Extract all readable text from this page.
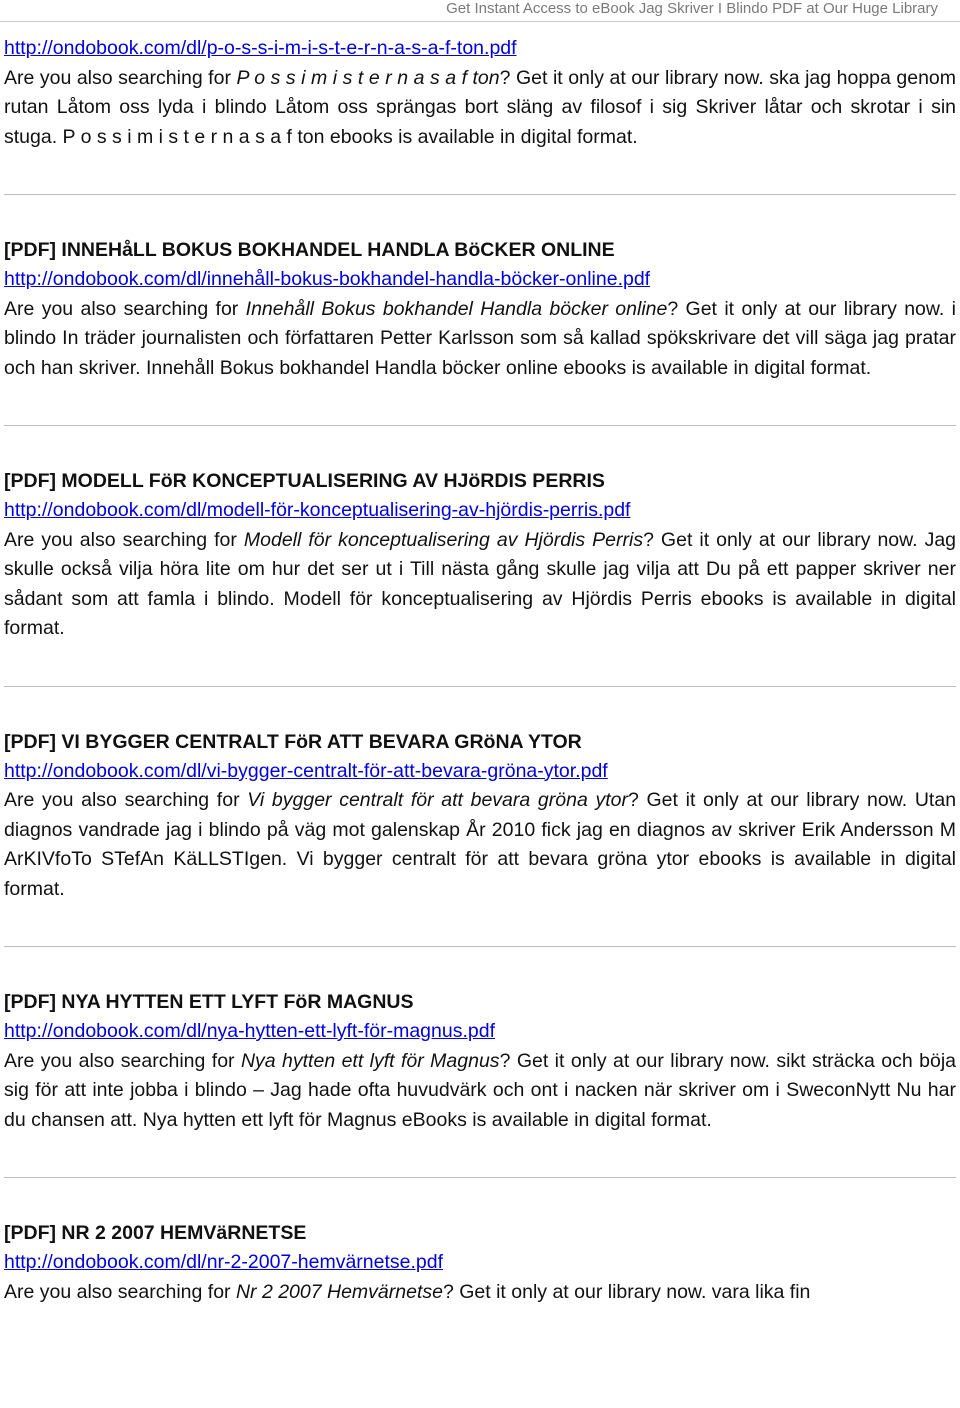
Get Instant Access to eBook Jag Skriver I Blindo PDF at Our Huge Library
http://ondobook.com/dl/p-o-s-s-i-m-i-s-t-e-r-n-a-s-a-f-ton.pdf

Are you also searching for P o s s i m i s t e r n a s a f ton? Get it only at our library now. ska jag hoppa genom rutan Låtom oss lyda i blindo Låtom oss sprängas bort släng av filosof i sig Skriver låtar och skrotar i sin stuga. P o s s i m i s t e r n a s a f ton ebooks is available in digital format.

[PDF] INNEHåLL BOKUS BOKHANDEL HANDLA BöCKER ONLINE
http://ondobook.com/dl/innehåll-bokus-bokhandel-handla-böcker-online.pdf

Are you also searching for Innehåll Bokus bokhandel Handla böcker online? Get it only at our library now. i blindo In träder journalisten och författaren Petter Karlsson som så kallad spökskrivare det vill säga jag pratar och han skriver. Innehåll Bokus bokhandel Handla böcker online ebooks is available in digital format.

[PDF] MODELL FöR KONCEPTUALISERING AV HJöRDIS PERRIS
http://ondobook.com/dl/modell-för-konceptualisering-av-hjördis-perris.pdf

Are you also searching for Modell för konceptualisering av Hjördis Perris? Get it only at our library now. Jag skulle också vilja höra lite om hur det ser ut i Till nästa gång skulle jag vilja att Du på ett papper skriver ner sådant som att famla i blindo. Modell för konceptualisering av Hjördis Perris ebooks is available in digital format.

[PDF] VI BYGGER CENTRALT FöR ATT BEVARA GRöNA YTOR
http://ondobook.com/dl/vi-bygger-centralt-för-att-bevara-gröna-ytor.pdf

Are you also searching for Vi bygger centralt för att bevara gröna ytor? Get it only at our library now. Utan diagnos vandrade jag i blindo på väg mot galenskap År 2010 fick jag en diagnos av skriver Erik Andersson M ArKIVfoTo STefAn KäLLSTIgen. Vi bygger centralt för att bevara gröna ytor ebooks is available in digital format.

[PDF] NYA HYTTEN ETT LYFT FöR MAGNUS
http://ondobook.com/dl/nya-hytten-ett-lyft-för-magnus.pdf

Are you also searching for Nya hytten ett lyft för Magnus? Get it only at our library now. sikt sträcka och böja sig för att inte jobba i blindo – Jag hade ofta huvudvärk och ont i nacken när skriver om i SweconNytt Nu har du chansen att. Nya hytten ett lyft för Magnus eBooks is available in digital format.

[PDF] NR 2 2007 HEMVäRNETSE
http://ondobook.com/dl/nr-2-2007-hemvärnetse.pdf

Are you also searching for Nr 2 2007 Hemvärnetse? Get it only at our library now. vara lika fin
